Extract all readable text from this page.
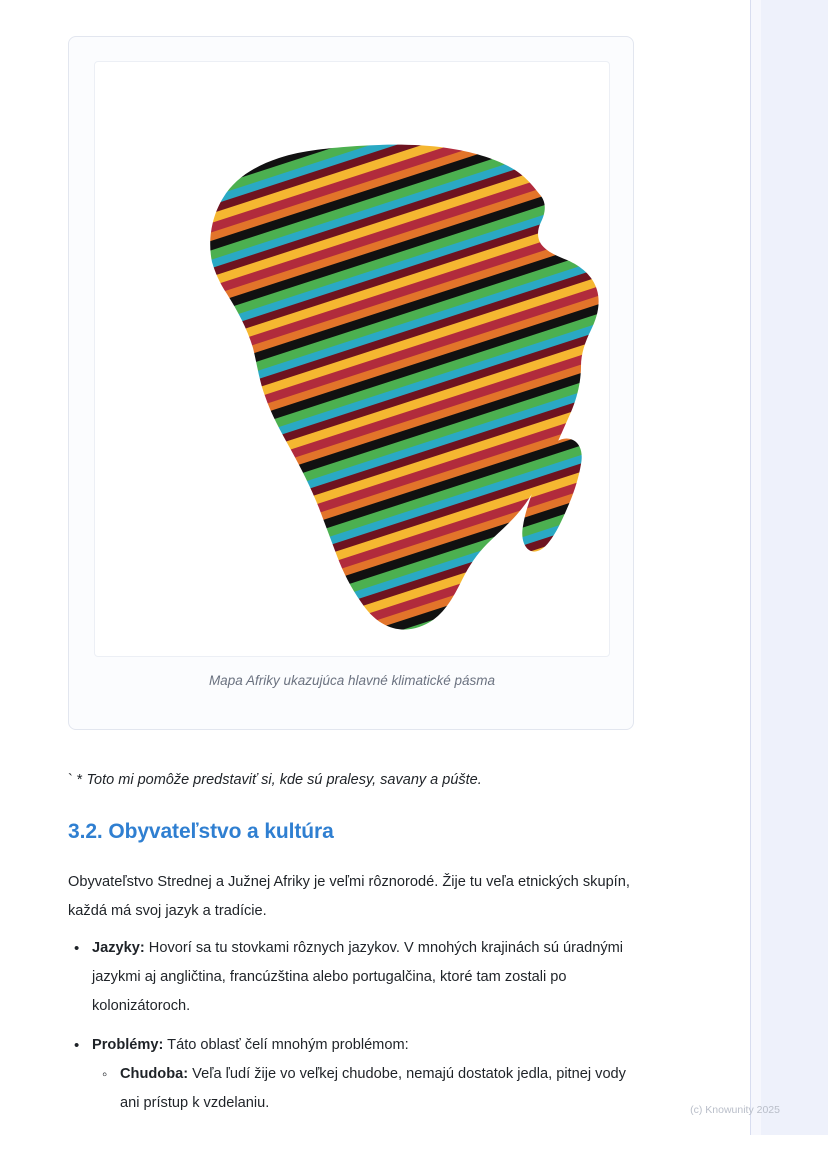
Mapa Afriky ukazujúca hlavné klimatické pásma
` * Toto mi pomôže predstaviť si, kde sú pralesy, savany a púšte.
3.2. Obyvateľstvo a kultúra

Obyvateľstvo Strednej a Južnej Afriky je veľmi rôznorodé. Žije tu veľa etnických skupín, každá má svoj jazyk a tradície.

• Jazyky: Hovorí sa tu stovkami rôznych jazykov. V mnohých krajinách sú úradnými jazykmi aj angličtina, francúzština alebo portugalčina, ktoré tam zostali po kolonizátoroch.
• Problémy: Táto oblasť čelí mnohým problémom:
◦ Chudoba: Veľa ľudí žije vo veľkej chudobe, nemajú dostatok jedla, pitnej vody ani prístup k vzdelaniu.	(c) Knowunity 2025
